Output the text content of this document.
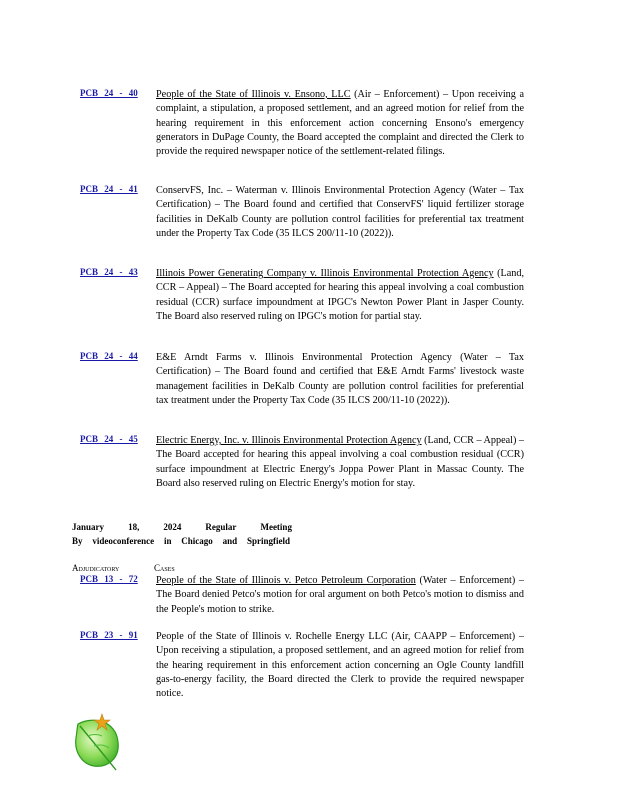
PCB 24 - 40 People of the State of Illinois v. Ensono, LLC (Air – Enforcement) – Upon receiving a complaint, a stipulation, a proposed settlement, and an agreed motion for relief from the hearing requirement in this enforcement action concerning Ensono's emergency generators in DuPage County, the Board accepted the complaint and directed the Clerk to provide the required newspaper notice of the settlement-related filings.
PCB 24 - 41 ConservFS, Inc. – Waterman v. Illinois Environmental Protection Agency (Water – Tax Certification) – The Board found and certified that ConservFS' liquid fertilizer storage facilities in DeKalb County are pollution control facilities for preferential tax treatment under the Property Tax Code (35 ILCS 200/11-10 (2022)).
PCB 24 - 43 Illinois Power Generating Company v. Illinois Environmental Protection Agency (Land, CCR – Appeal) – The Board accepted for hearing this appeal involving a coal combustion residual (CCR) surface impoundment at IPGC's Newton Power Plant in Jasper County. The Board also reserved ruling on IPGC's motion for partial stay.
PCB 24 - 44 E&E Arndt Farms v. Illinois Environmental Protection Agency (Water – Tax Certification) – The Board found and certified that E&E Arndt Farms' livestock waste management facilities in DeKalb County are pollution control facilities for preferential tax treatment under the Property Tax Code (35 ILCS 200/11-10 (2022)).
PCB 24 - 45 Electric Energy, Inc. v. Illinois Environmental Protection Agency (Land, CCR – Appeal) – The Board accepted for hearing this appeal involving a coal combustion residual (CCR) surface impoundment at Electric Energy's Joppa Power Plant in Massac County. The Board also reserved ruling on Electric Energy's motion for stay.
January	18,	2024	Regular	Meeting
By videoconference in Chicago and Springfield
Adjudicatory	Cases
PCB 13 - 72 People of the State of Illinois v. Petco Petroleum Corporation (Water – Enforcement) – The Board denied Petco's motion for oral argument on both Petco's motion to dismiss and the People's motion to strike.
PCB 23 - 91 People of the State of Illinois v. Rochelle Energy LLC (Air, CAAPP – Enforcement) – Upon receiving a stipulation, a proposed settlement, and an agreed motion for relief from the hearing requirement in this enforcement action concerning an Ogle County landfill gas-to-energy facility, the Board directed the Clerk to provide the required newspaper notice.
